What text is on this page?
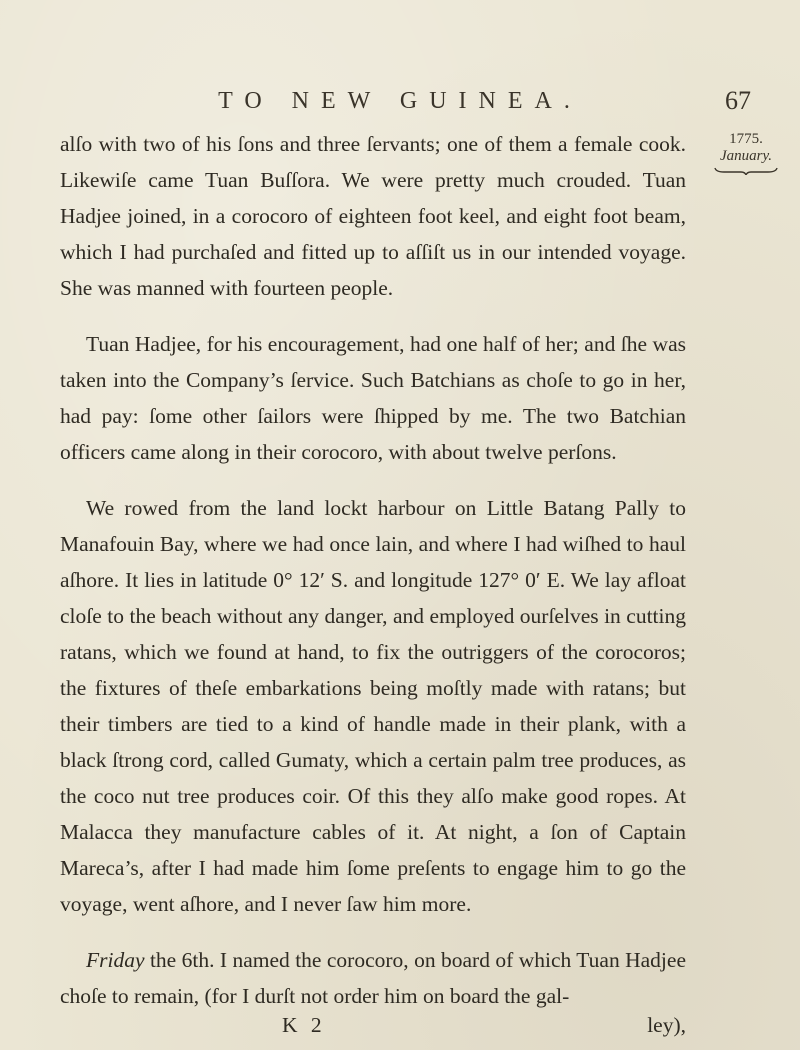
TO NEW GUINEA.	67
1775.
January.

alſo with two of his ſons and three ſervants; one of them a female cook. Likewiſe came Tuan Buſſora. We were pretty much crouded. Tuan Hadjee joined, in a corocoro of eighteen foot keel, and eight foot beam, which I had purchaſed and fitted up to aſſiſt us in our intended voyage. She was manned with fourteen people.

Tuan Hadjee, for his encouragement, had one half of her; and ſhe was taken into the Company’s ſervice. Such Batchians as choſe to go in her, had pay: ſome other ſailors were ſhipped by me. The two Batchian officers came along in their corocoro, with about twelve perſons.

We rowed from the land lockt harbour on Little Batang Pally to Manafouin Bay, where we had once lain, and where I had wiſhed to haul aſhore. It lies in latitude 0° 12′ S. and longitude 127° 0′ E. We lay afloat cloſe to the beach without any danger, and employed ourſelves in cutting ratans, which we found at hand, to fix the outriggers of the corocoros; the fixtures of theſe embarkations being moſtly made with ratans; but their timbers are tied to a kind of handle made in their plank, with a black ſtrong cord, called Gumaty, which a certain palm tree produces, as the coco nut tree produces coir. Of this they alſo make good ropes. At Malacca they manufacture cables of it. At night, a ſon of Captain Mareca’s, after I had made him ſome preſents to engage him to go the voyage, went aſhore, and I never ſaw him more.

Friday the 6th. I named the corocoro, on board of which Tuan Hadjee choſe to remain, (for I durſt not order him on board the gal-

K 2	ley),
